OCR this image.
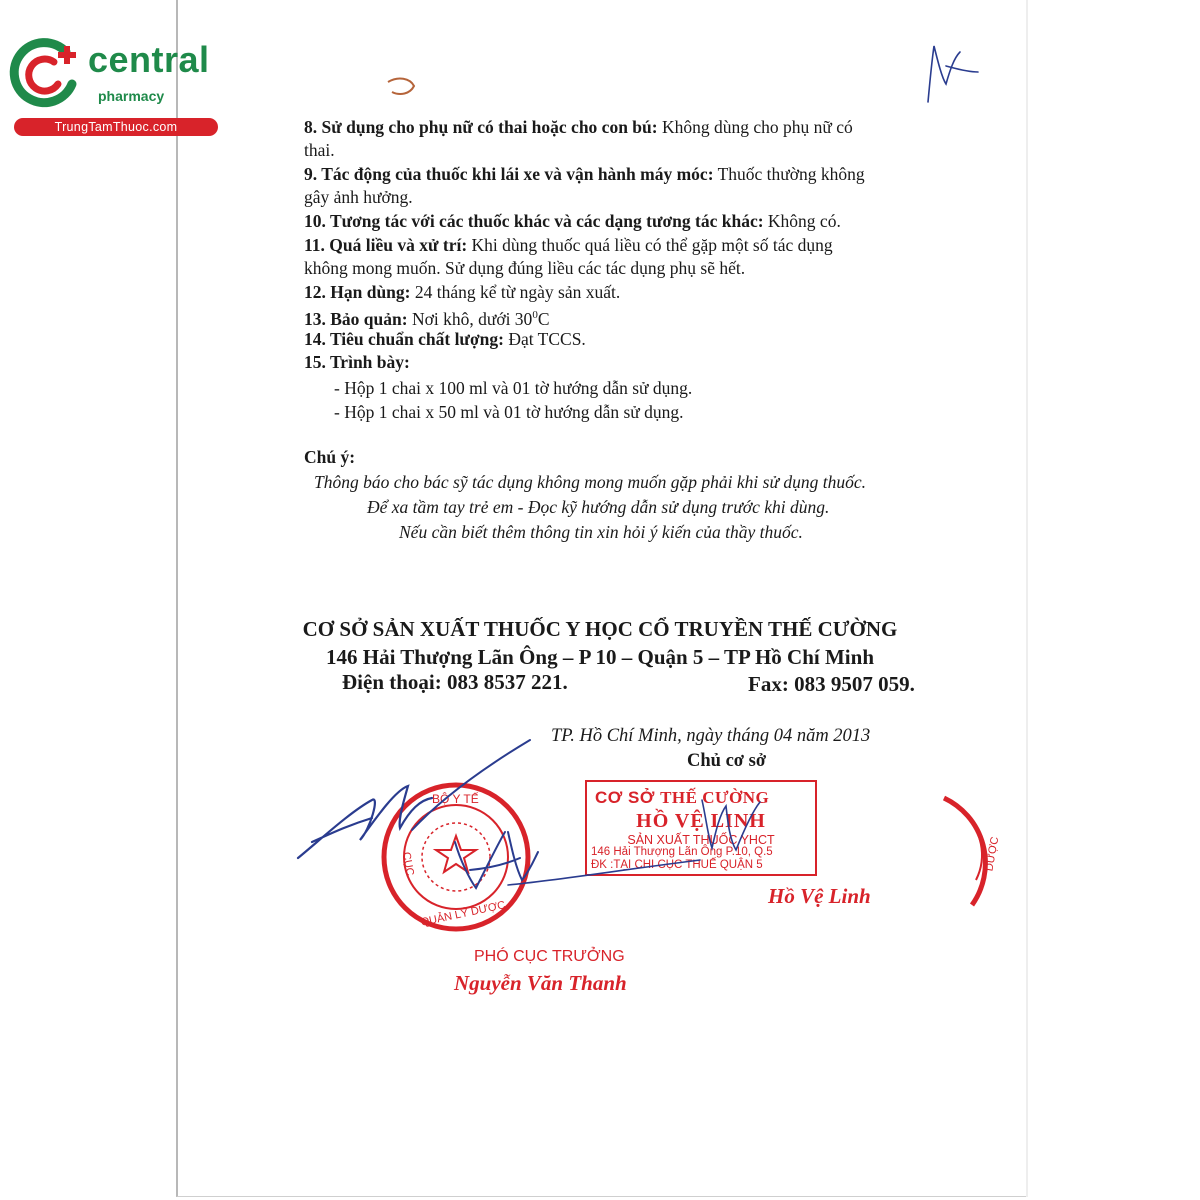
central
pharmacy
TrungTamThuoc.com	8. Sử dụng cho phụ nữ có thai hoặc cho con bú: Không dùng cho phụ nữ có
thai.
9. Tác động của thuốc khi lái xe và vận hành máy móc: Thuốc thường không
gây ảnh hưởng.
10. Tương tác với các thuốc khác và các dạng tương tác khác: Không có.
11. Quá liều và xử trí: Khi dùng thuốc quá liều có thể gặp một số tác dụng
không mong muốn. Sử dụng đúng liều các tác dụng phụ sẽ hết.
12. Hạn dùng: 24 tháng kể từ ngày sản xuất.
13. Bảo quản: Nơi khô, dưới $30^0C$
14. Tiêu chuẩn chất lượng: Đạt TCCS.
15. Trình bày:
- Hộp 1 chai x 100 ml và 01 tờ hướng dẫn sử dụng.
- Hộp 1 chai x 50 ml và 01 tờ hướng dẫn sử dụng.
Chú ý:
Thông báo cho bác sỹ tác dụng không mong muốn gặp phải khi sử dụng thuốc.
Để xa tầm tay trẻ em - Đọc kỹ hướng dẫn sử dụng trước khi dùng.
Nếu cần biết thêm thông tin xin hỏi ý kiến của thầy thuốc.
CƠ SỞ SẢN XUẤT THUỐC Y HỌC CỔ TRUYỀN THẾ CƯỜNG
146 Hải Thượng Lãn Ông – P 10 – Quận 5 – TP Hồ Chí Minh
Điện thoại: 083 8537 221.	Fax: 083 9507 059.
TP. Hồ Chí Minh, ngày tháng 04 năm 2013
Chủ cơ sở
BỘ Y TẾ
CỤC
QUẢN LÝ DƯỢC
DƯỢC
CƠ SỞ THẾ CƯỜNG
HỒ VỆ LINH
SẢN XUẤT THUỐC YHCT
146 Hải Thượng Lãn Ông P.10, Q.5
ĐK :TẠI CHI CỤC THUẾ QUẬN 5
Hồ Vệ Linh
PHÓ CỤC TRƯỞNG
Nguyễn Văn Thanh
